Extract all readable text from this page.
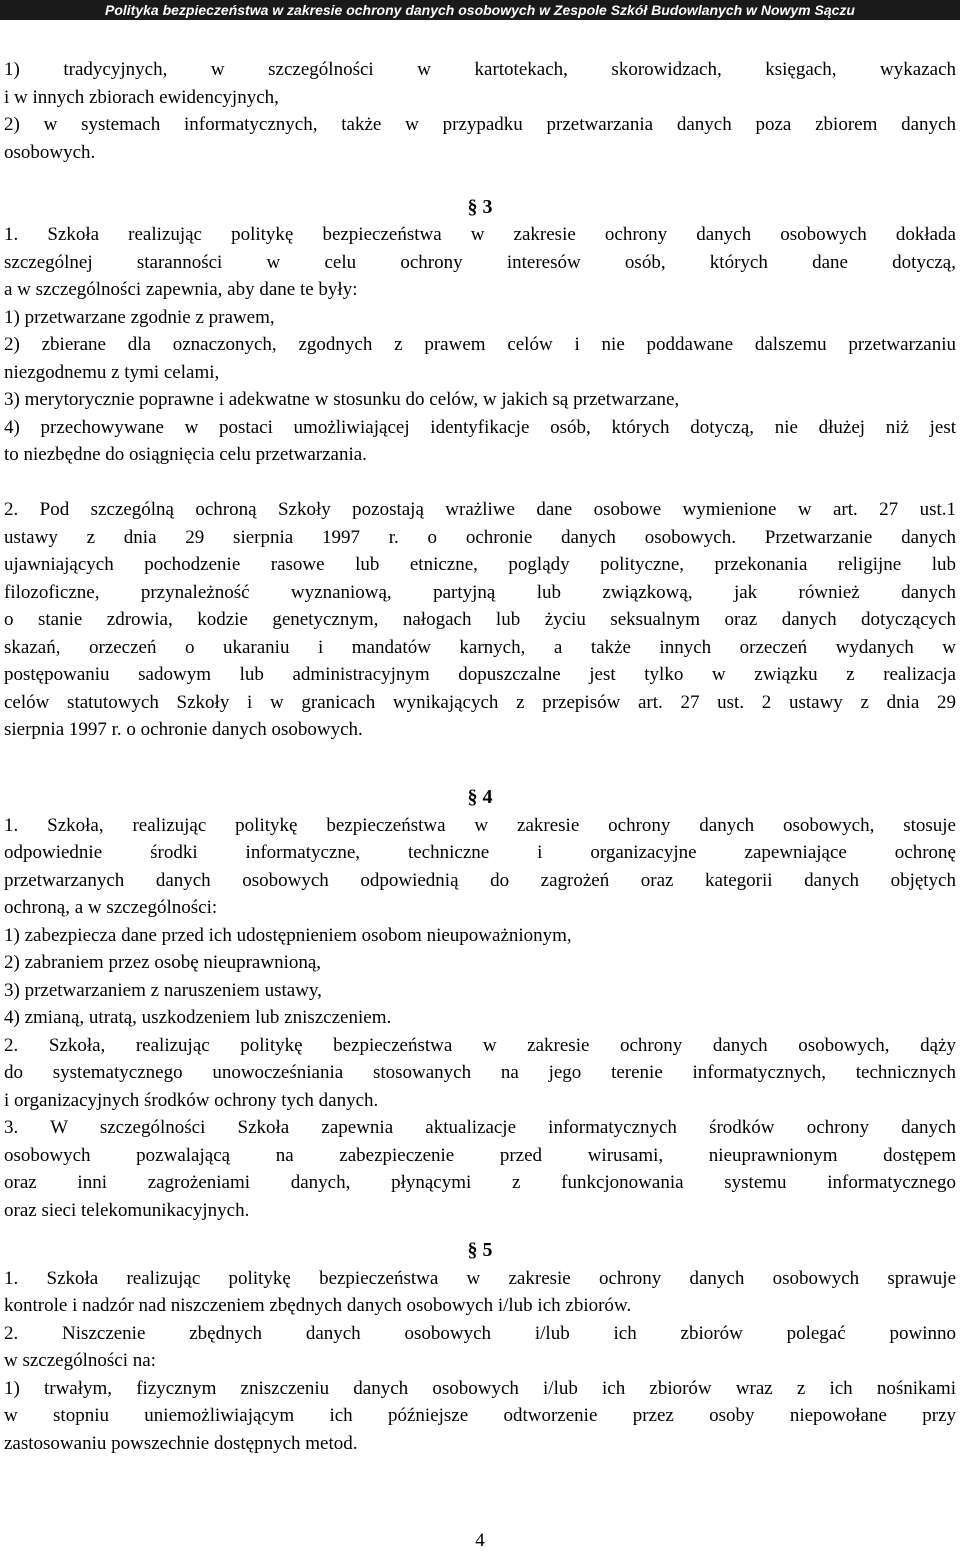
Polityka bezpieczeństwa w zakresie ochrony danych osobowych w Zespole Szkół Budowlanych w Nowym Sączu
1) tradycyjnych, w szczególności w kartotekach, skorowidzach, księgach, wykazach
i w innych zbiorach ewidencyjnych,
2) w systemach informatycznych, także w przypadku przetwarzania danych poza zbiorem danych
osobowych.
§ 3
1. Szkoła realizując politykę bezpieczeństwa w zakresie ochrony danych osobowych dokłada
szczególnej staranności w celu ochrony interesów osób, których dane dotyczą,
a w szczególności zapewnia, aby dane te były:
1) przetwarzane zgodnie z prawem,
2) zbierane dla oznaczonych, zgodnych z prawem celów i nie poddawane dalszemu przetwarzaniu
niezgodnemu z tymi celami,
3) merytorycznie poprawne i adekwatne w stosunku do celów, w jakich są przetwarzane,
4) przechowywane w postaci umożliwiającej identyfikacje osób, których dotyczą, nie dłużej niż jest
to niezbędne do osiągnięcia celu przetwarzania.
2. Pod szczególną ochroną Szkoły pozostają wrażliwe dane osobowe wymienione w art. 27 ust.1
ustawy z dnia 29 sierpnia 1997 r. o ochronie danych osobowych. Przetwarzanie danych
ujawniających pochodzenie rasowe lub etniczne, poglądy polityczne, przekonania religijne lub
filozoficzne, przynależność wyznaniową, partyjną lub związkową, jak również danych
o stanie zdrowia, kodzie genetycznym, nałogach lub życiu seksualnym oraz danych dotyczących
skazań, orzeczeń o ukaraniu i mandatów karnych, a także innych orzeczeń wydanych w
postępowaniu sadowym lub administracyjnym dopuszczalne jest tylko w związku z realizacja
celów statutowych Szkoły i w granicach wynikających z przepisów art. 27 ust. 2 ustawy z dnia 29
sierpnia 1997 r. o ochronie danych osobowych.
§ 4
1. Szkoła, realizując politykę bezpieczeństwa w zakresie ochrony danych osobowych, stosuje
odpowiednie środki informatyczne, techniczne i organizacyjne zapewniające ochronę
przetwarzanych danych osobowych odpowiednią do zagrożeń oraz kategorii danych objętych
ochroną, a w szczególności:
1) zabezpiecza dane przed ich udostępnieniem osobom nieupoważnionym,
2) zabraniem przez osobę nieuprawnioną,
3) przetwarzaniem z naruszeniem ustawy,
4) zmianą, utratą, uszkodzeniem lub zniszczeniem.
2. Szkoła, realizując politykę bezpieczeństwa w zakresie ochrony danych osobowych, dąży
do systematycznego unowocześniania stosowanych na jego terenie informatycznych, technicznych
i organizacyjnych środków ochrony tych danych.
3. W szczególności Szkoła zapewnia aktualizacje informatycznych środków ochrony danych
osobowych pozwalającą na zabezpieczenie przed wirusami, nieuprawnionym dostępem
oraz inni zagrożeniami danych, płynącymi z funkcjonowania systemu informatycznego
oraz sieci telekomunikacyjnych.
§ 5
1. Szkoła realizując politykę bezpieczeństwa w zakresie ochrony danych osobowych sprawuje
kontrole i nadzór nad niszczeniem zbędnych danych osobowych i/lub ich zbiorów.
2. Niszczenie zbędnych danych osobowych i/lub ich zbiorów polegać powinno
w szczególności na:
1) trwałym, fizycznym zniszczeniu danych osobowych i/lub ich zbiorów wraz z ich nośnikami
w stopniu uniemożliwiającym ich późniejsze odtworzenie przez osoby niepowołane przy
zastosowaniu powszechnie dostępnych metod.
4
